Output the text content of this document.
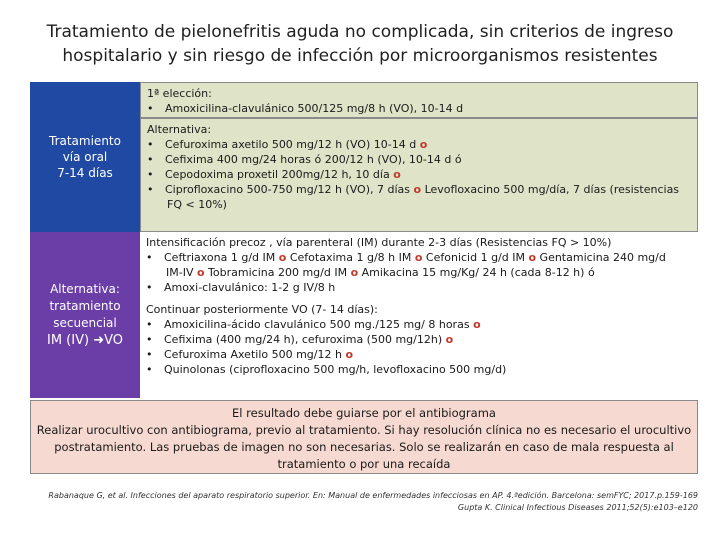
Tratamiento de pielonefritis aguda no complicada, sin criterios de ingreso
hospitalario y sin riesgo de infección por microorganismos resistentes
Tratamiento
vía oral
7-14 días
1ª elección:
• Amoxicilina-clavulánico 500/125 mg/8 h (VO), 10-14 d
Alternativa:
• Cefuroxima axetilo 500 mg/12 h (VO) 10-14 d o
• Cefixima 400 mg/24 horas ó 200/12 h (VO), 10-14 d ó
• Cepodoxima proxetil 200mg/12 h, 10 día o
• Ciprofloxacino 500-750 mg/12 h (VO), 7 días o Levofloxacino 500 mg/día, 7 días (resistencias
FQ < 10%)
Alternativa:
tratamiento
secuencial
IM (IV) ➜VO
Intensificación precoz , vía parenteral (IM) durante 2-3 días (Resistencias FQ > 10%)
• Ceftriaxona 1 g/d IM o Cefotaxima 1 g/8 h IM o Cefonicid 1 g/d IM o Gentamicina 240 mg/d
IM-IV o Tobramicina 200 mg/d IM o Amikacina 15 mg/Kg/ 24 h (cada 8-12 h) ó
• Amoxi-clavulánico: 1-2 g IV/8 h
Continuar posteriormente VO (7- 14 días):
• Amoxicilina-ácido clavulánico 500 mg./125 mg/ 8 horas o
• Cefixima (400 mg/24 h), cefuroxima (500 mg/12h) o
• Cefuroxima Axetilo 500 mg/12 h o
• Quinolonas (ciprofloxacino 500 mg/h, levofloxacino 500 mg/d)
El resultado debe guiarse por el antibiograma
Realizar urocultivo con antibiograma, previo al tratamiento. Si hay resolución clínica no es necesario el urocultivo
postratamiento. Las pruebas de imagen no son necesarias. Solo se realizarán en caso de mala respuesta al
tratamiento o por una recaída
Rabanaque G, et al. Infecciones del aparato respiratorio superior. En: Manual de enfermedades infecciosas en AP. 4.ªedición. Barcelona: semFYC; 2017.p.159-169
Gupta K. Clinical Infectious Diseases 2011;52(5):e103–e120
